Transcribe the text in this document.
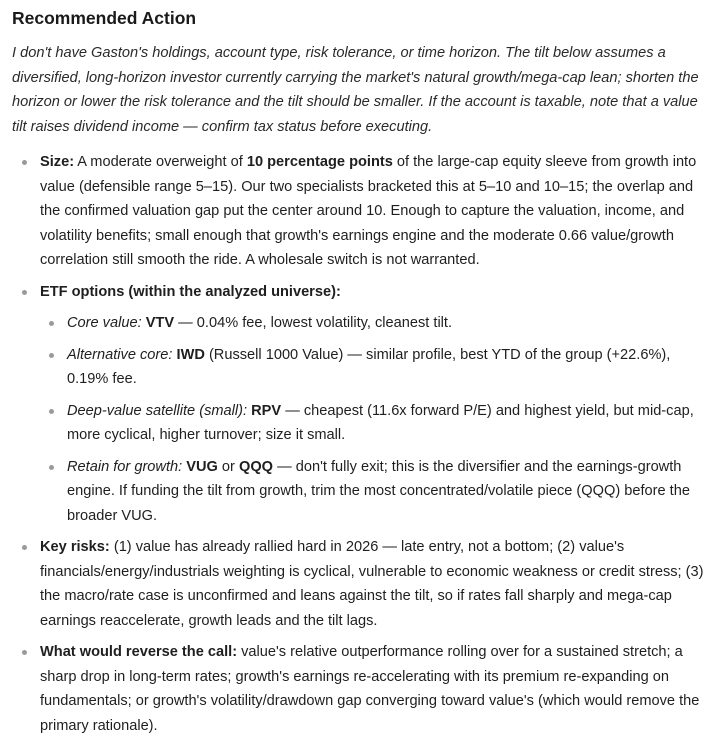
Recommended Action

I don't have Gaston's holdings, account type, risk tolerance, or time horizon. The tilt below assumes a diversified, long-horizon investor currently carrying the market's natural growth/mega-cap lean; shorten the horizon or lower the risk tolerance and the tilt should be smaller. If the account is taxable, note that a value tilt raises dividend income — confirm tax status before executing.

Size: A moderate overweight of 10 percentage points of the large-cap equity sleeve from growth into value (defensible range 5–15). Our two specialists bracketed this at 5–10 and 10–15; the overlap and the confirmed valuation gap put the center around 10. Enough to capture the valuation, income, and volatility benefits; small enough that growth's earnings engine and the moderate 0.66 value/growth correlation still smooth the ride. A wholesale switch is not warranted.
ETF options (within the analyzed universe):
Core value: VTV — 0.04% fee, lowest volatility, cleanest tilt.
Alternative core: IWD (Russell 1000 Value) — similar profile, best YTD of the group (+22.6%), 0.19% fee.
Deep-value satellite (small): RPV — cheapest (11.6x forward P/E) and highest yield, but mid-cap, more cyclical, higher turnover; size it small.
Retain for growth: VUG or QQQ — don't fully exit; this is the diversifier and the earnings-growth engine. If funding the tilt from growth, trim the most concentrated/volatile piece (QQQ) before the broader VUG.
Key risks: (1) value has already rallied hard in 2026 — late entry, not a bottom; (2) value's financials/energy/industrials weighting is cyclical, vulnerable to economic weakness or credit stress; (3) the macro/rate case is unconfirmed and leans against the tilt, so if rates fall sharply and mega-cap earnings reaccelerate, growth leads and the tilt lags.
What would reverse the call: value's relative outperformance rolling over for a sustained stretch; a sharp drop in long-term rates; growth's earnings re-accelerating with its premium re-expanding on fundamentals; or growth's volatility/drawdown gap converging toward value's (which would remove the primary rationale).
